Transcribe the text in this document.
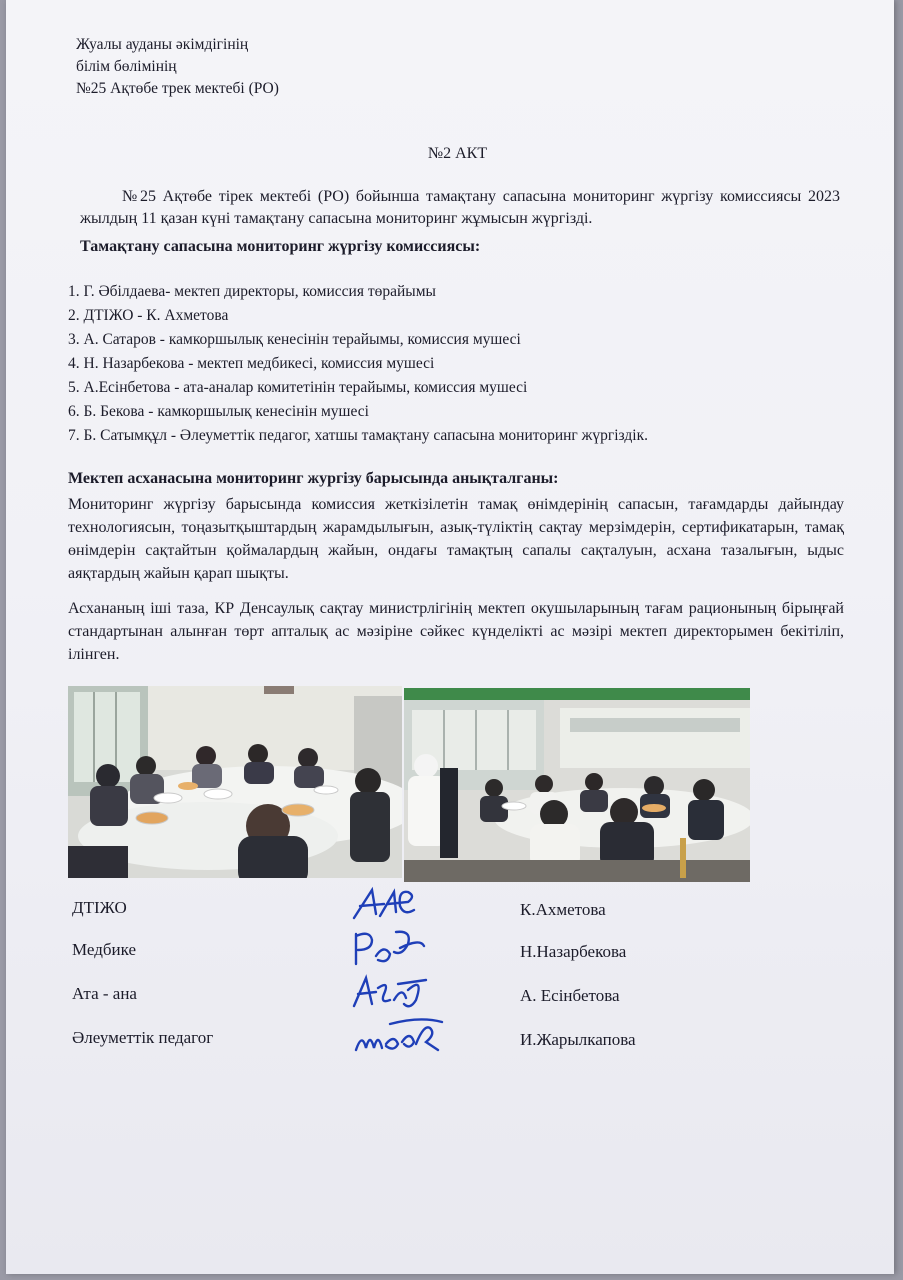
Жуалы ауданы әкімдігінің
білім бөлімінің
№25 Ақтөбе трек мектебі (РО)
№2 АКТ
№25 Ақтөбе тірек мектебі (РО) бойынша тамақтану сапасына мониторинг жүргізу комиссиясы 2023 жылдың 11 қазан күні тамақтану сапасына мониторинг жұмысын жүргізді.
Тамақтану сапасына мониторинг жүргізу комиссиясы:
1. Г. Әбілдаева- мектеп директоры, комиссия төрайымы
2. ДТІЖО - К. Ахметова
3. А. Сатаров - камкоршылық кенесінін терайымы, комиссия мушесі
4. Н. Назарбекова - мектеп медбикесі, комиссия мушесі
5. А.Есінбетова - ата-аналар комитетінін терайымы, комиссия мушесі
6. Б. Бекова - камкоршылық кенесінін мушесі
7. Б. Сатымқұл - Әлеуметтік педагог, хатшы тамақтану сапасына мониторинг жүргіздік.
Мектеп асханасына мониторинг жургізу барысында анықталганы:

Мониторинг жүргізу барысында комиссия жеткізілетін тамақ өнімдерінің сапасын, тағамдарды дайындау технологиясын, тоңазытқыштардың жарамдылығын, азық-түліктің сақтау мерзімдерін, сертификатарын, тамақ өнімдерін сақтайтын қоймалардың жайын, ондағы тамақтың сапалы сақталуын, асхана тазалығын, ыдыс аяқтардың жайын қарап шықты.

Асхананың іші таза, КР Денсаулық сақтау министрлігінің мектеп окушыларының тағам рационының бірыңғай стандартынан алынған төрт апталық ас мәзіріне сәйкес күнделікті ас мәзірі мектеп директорымен бекітіліп, ілінген.

ДТІЖО	К.Ахметова
Медбике	Н.Назарбекова
Ата - ана	А. Есінбетова
Әлеуметтік педагог	И.Жарылкапова
